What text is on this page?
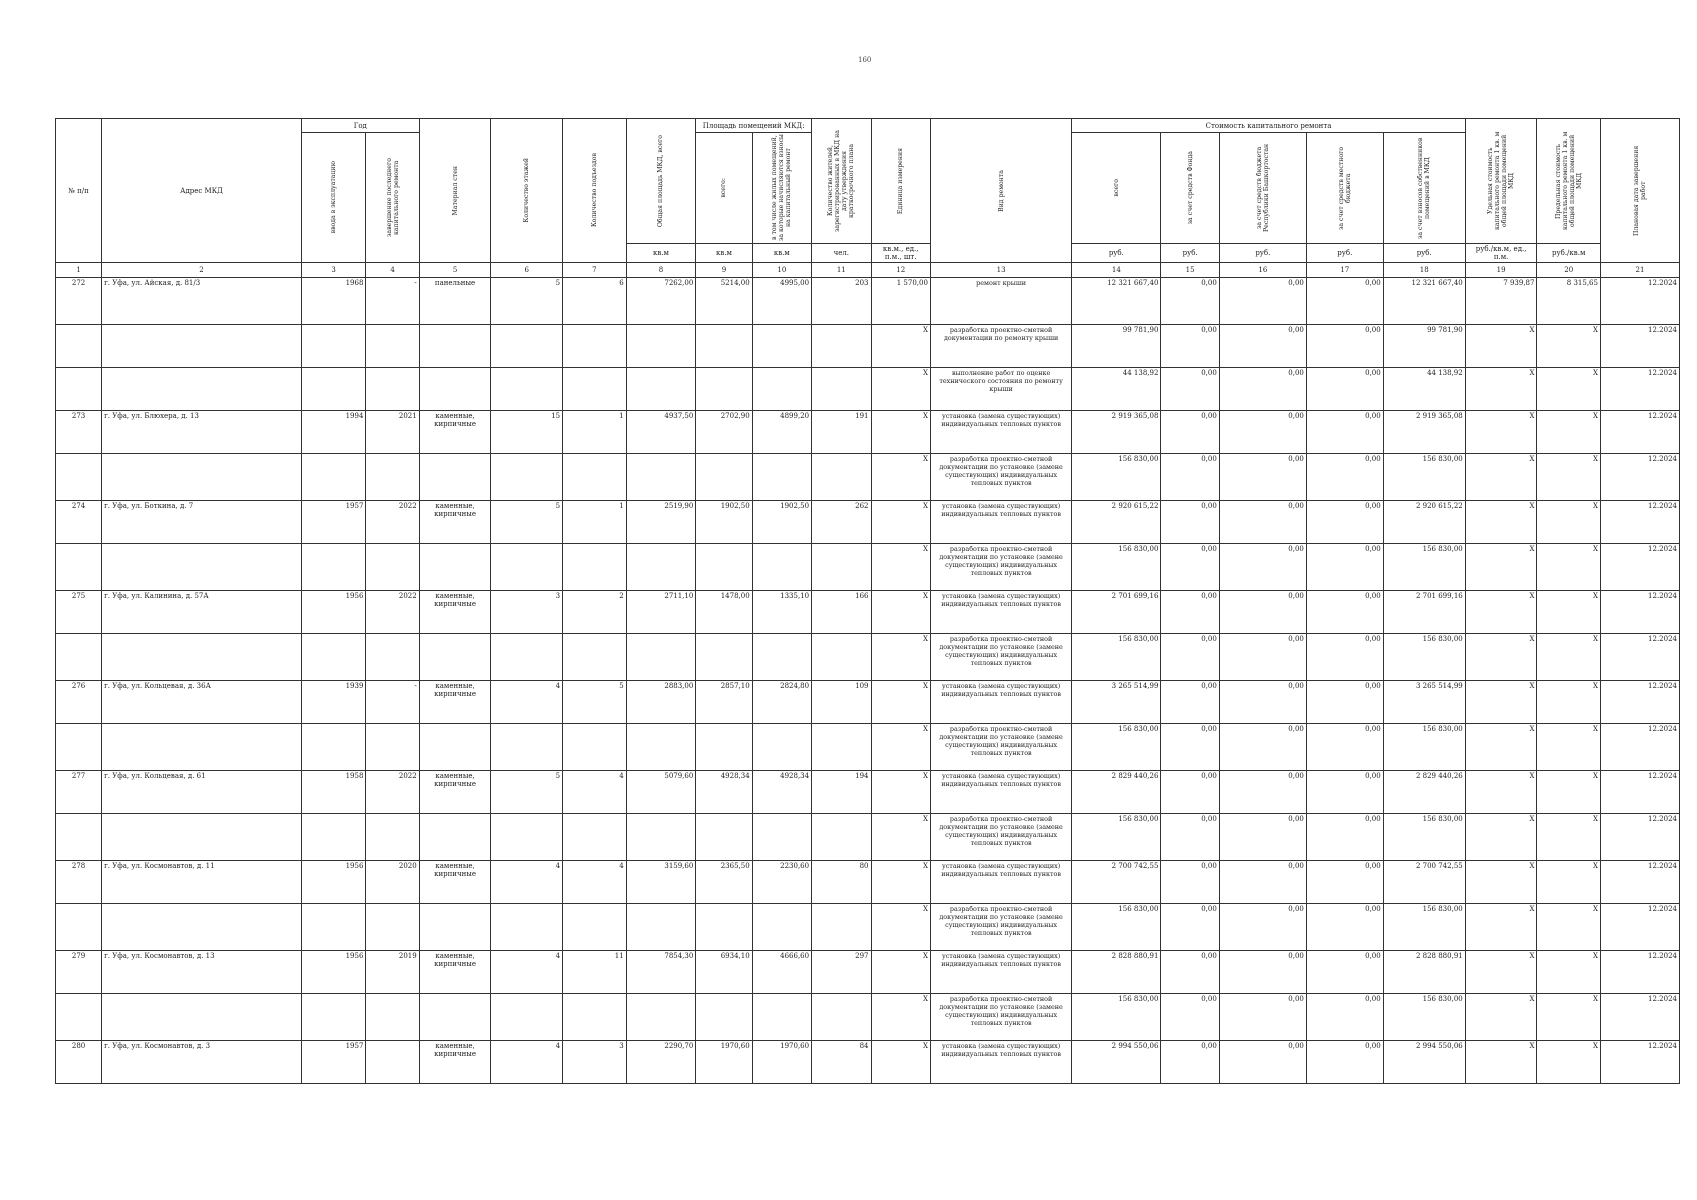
160
№ п/п	Адрес МКД	Год		Материал стен	Количество этажей	Количество подъездов	Общая площадь МКД, всего	Площадь помещений МКД:		Количество жителей, зарегистрированных в МКД на дату утверждения краткосрочного плана	Единица измерения	Вид ремонта	Стоимость капитального ремонта					Удельная стоимость капитального ремонта 1 кв. м общей площади помещений МКД	Предельная стоимость капитального ремонта 1 кв. м общей площади помещений МКД	Плановая дата завершения работ

		ввода в эксплуатацию	завершение последнего капитального ремонта					всего:	в том числе жилых помещений, за которые начисляются взносы на капитальный ремонт				всего	за счет средств Фонда	за счет средств бюджета Республики Башкортостан	за счет средств местного бюджета	за счет взносов собственников помещений в МКД			

							кв.м	кв.м	кв.м	чел.	кв.м., ед., п.м., шт.		руб.	руб.	руб.	руб.	руб.	руб./кв.м, ед., п.м.	руб./кв.м	
1	2	3	4	5	6	7	8	9	10	11	12	13	14	15	16	17	18	19	20	21
272	г. Уфа, ул. Айская, д. 81/3	1968	-	панельные	5	6	7262,00	5214,00	4995,00	203	1 570,00	ремонт крыши	12 321 667,40	0,00	0,00	0,00	12 321 667,40	7 939,87	8 315,65	12.2024
											X	разработка проектно-сметной документации по ремонту крыши	99 781,90	0,00	0,00	0,00	99 781,90	X	X	12.2024
											X	выполнение работ по оценке технического состояния по ремонту крыши	44 138,92	0,00	0,00	0,00	44 138,92	X	X	12.2024
273	г. Уфа, ул. Блюхера, д. 13	1994	2021	каменные, кирпичные	15	1	4937,50	2702,90	4899,20	191	X	установка (замена существующих) индивидуальных тепловых пунктов	2 919 365,08	0,00	0,00	0,00	2 919 365,08	X	X	12.2024
											X	разработка проектно-сметной документации по установке (замене существующих) индивидуальных тепловых пунктов	156 830,00	0,00	0,00	0,00	156 830,00	X	X	12.2024
274	г. Уфа, ул. Боткина, д. 7	1957	2022	каменные, кирпичные	5	1	2519,90	1902,50	1902,50	262	X	установка (замена существующих) индивидуальных тепловых пунктов	2 920 615,22	0,00	0,00	0,00	2 920 615,22	X	X	12.2024
											X	разработка проектно-сметной документации по установке (замене существующих) индивидуальных тепловых пунктов	156 830,00	0,00	0,00	0,00	156 830,00	X	X	12.2024
275	г. Уфа, ул. Калинина, д. 57А	1956	2022	каменные, кирпичные	3	2	2711,10	1478,00	1335,10	166	X	установка (замена существующих) индивидуальных тепловых пунктов	2 701 699,16	0,00	0,00	0,00	2 701 699,16	X	X	12.2024
											X	разработка проектно-сметной документации по установке (замене существующих) индивидуальных тепловых пунктов	156 830,00	0,00	0,00	0,00	156 830,00	X	X	12.2024
276	г. Уфа, ул. Кольцевая, д. 36А	1939	-	каменные, кирпичные	4	5	2883,00	2857,10	2824,80	109	X	установка (замена существующих) индивидуальных тепловых пунктов	3 265 514,99	0,00	0,00	0,00	3 265 514,99	X	X	12.2024
											X	разработка проектно-сметной документации по установке (замене существующих) индивидуальных тепловых пунктов	156 830,00	0,00	0,00	0,00	156 830,00	X	X	12.2024
277	г. Уфа, ул. Кольцевая, д. 61	1958	2022	каменные, кирпичные	5	4	5079,60	4928,34	4928,34	194	X	установка (замена существующих) индивидуальных тепловых пунктов	2 829 440,26	0,00	0,00	0,00	2 829 440,26	X	X	12.2024
											X	разработка проектно-сметной документации по установке (замене существующих) индивидуальных тепловых пунктов	156 830,00	0,00	0,00	0,00	156 830,00	X	X	12.2024
278	г. Уфа, ул. Космонавтов, д. 11	1956	2020	каменные, кирпичные	4	4	3159,60	2365,50	2230,60	80	X	установка (замена существующих) индивидуальных тепловых пунктов	2 700 742,55	0,00	0,00	0,00	2 700 742,55	X	X	12.2024
											X	разработка проектно-сметной документации по установке (замене существующих) индивидуальных тепловых пунктов	156 830,00	0,00	0,00	0,00	156 830,00	X	X	12.2024
279	г. Уфа, ул. Космонавтов, д. 13	1956	2019	каменные, кирпичные	4	11	7854,30	6934,10	4666,60	297	X	установка (замена существующих) индивидуальных тепловых пунктов	2 828 880,91	0,00	0,00	0,00	2 828 880,91	X	X	12.2024
											X	разработка проектно-сметной документации по установке (замене существующих) индивидуальных тепловых пунктов	156 830,00	0,00	0,00	0,00	156 830,00	X	X	12.2024
280	г. Уфа, ул. Космонавтов, д. 3	1957		каменные, кирпичные	4	3	2290,70	1970,60	1970,60	84	X	установка (замена существующих) индивидуальных тепловых пунктов	2 994 550,06	0,00	0,00	0,00	2 994 550,06	X	X	12.2024
